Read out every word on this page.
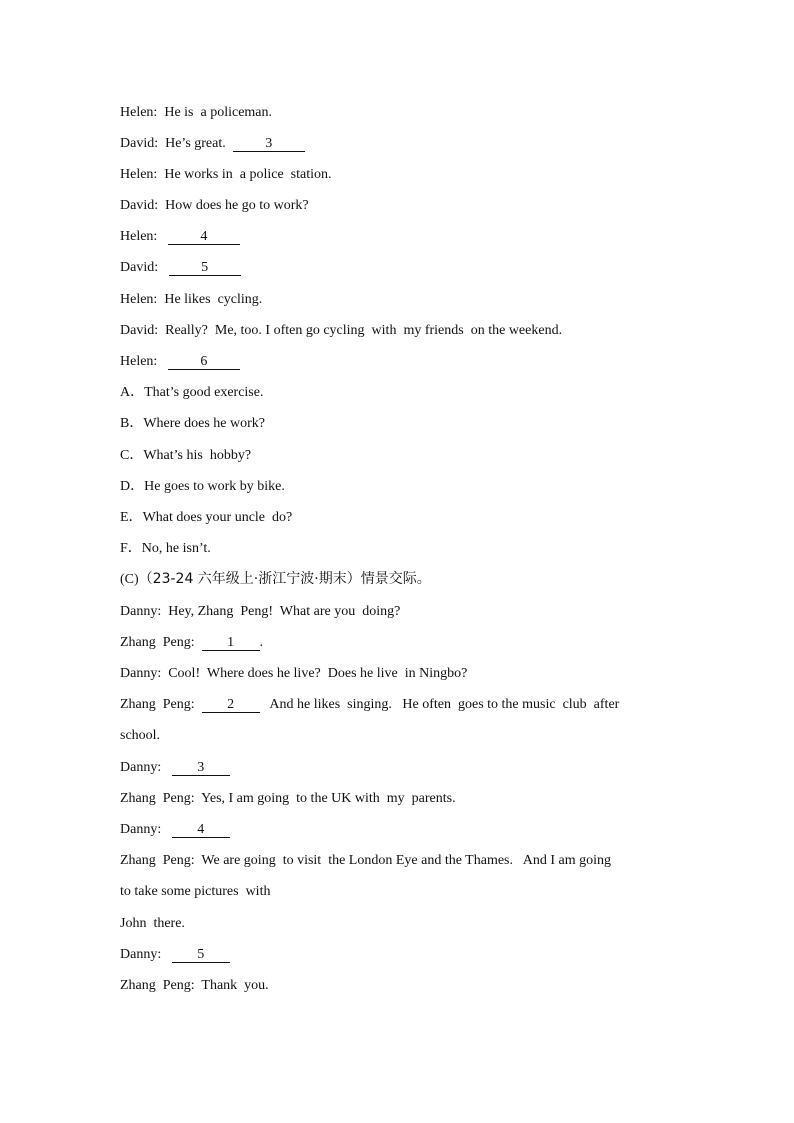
Helen: He is  a policeman.
David: He’s great.	3
Helen: He works in  a police  station.
David: How does he go to work?
Helen:	4
David:	5
Helen: He likes  cycling.
David: Really?  Me, too. I often go cycling  with  my friends  on the weekend.
Helen:	6
A．That’s good exercise.
B．Where does he work?
C．What’s his  hobby?
D．He goes to work by bike.
E．What does your uncle  do?
F．No, he isn’t.
(C)（23-24 六年级上·浙江宁波·期末）情景交际。
Danny: Hey, Zhang  Peng!  What are you  doing?
Zhang  Peng: 1 .
Danny: Cool!  Where does he live?  Does he live  in Ningbo?
Zhang  Peng: 2	And he likes  singing.   He often  goes to the music  club  after
school.
Danny:	3
Zhang  Peng: Yes, I am going  to the UK with  my  parents.
Danny:	4
Zhang  Peng: We are going  to visit  the London Eye and the Thames.   And I am going
to take some pictures  with
John  there.
Danny:	5
Zhang  Peng: Thank  you.
